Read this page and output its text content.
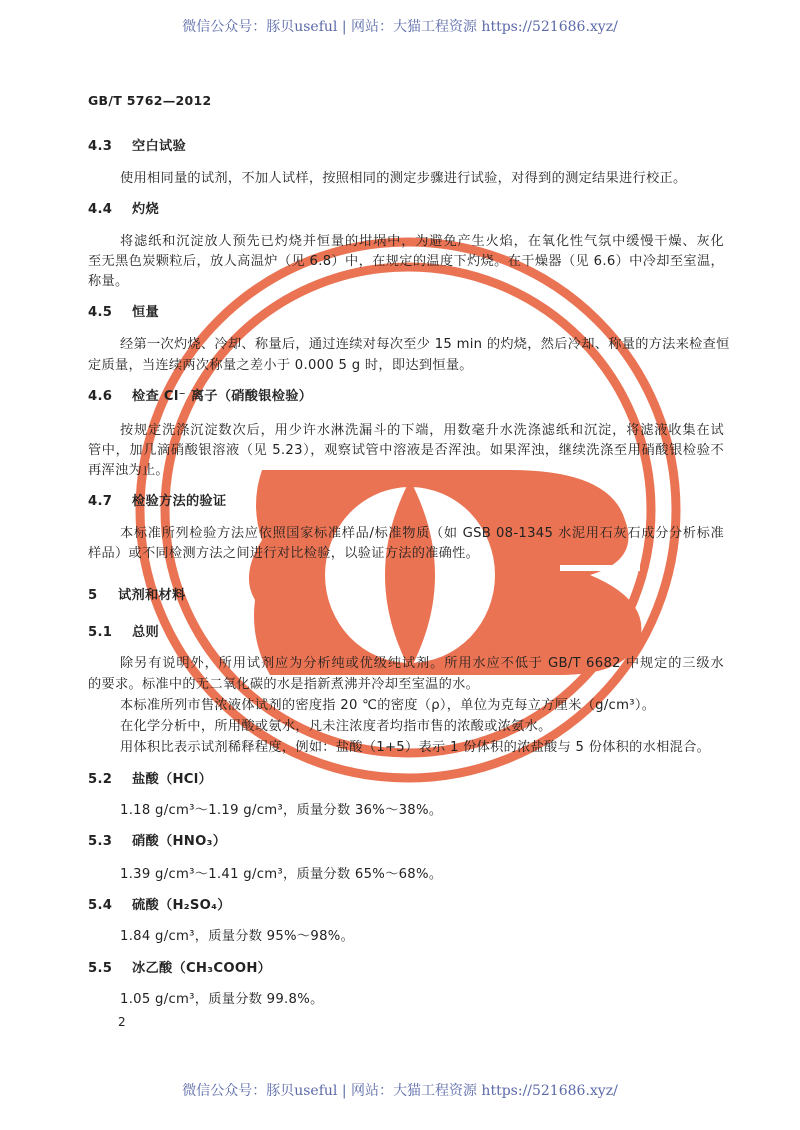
微信公众号：豚贝useful | 网站：大猫工程资源 https://521686.xyz/
GB/T 5762—2012
4.3 空白试验
使用相同量的试剂，不加人试样，按照相同的测定步骤进行试验，对得到的测定结果进行校正。
4.4 灼烧
将滤纸和沉淀放人预先已灼烧并恒量的坩埚中，为避免产生火焰，在氧化性气氛中缓慢干燥、灰化
至无黑色炭颗粒后，放人高温炉（见 6.8）中，在规定的温度下灼烧。在干燥器（见 6.6）中冷却至室温，
称量。
4.5 恒量
经第一次灼烧、冷却、称量后，通过连续对每次至少 15 min 的灼烧，然后冷却、称量的方法来检查恒
定质量，当连续两次称量之差小于 0.000 5 g 时，即达到恒量。
4.6 检查 Cl⁻ 离子（硝酸银检验）
按规定洗涤沉淀数次后，用少许水淋洗漏斗的下端，用数毫升水洗涤滤纸和沉淀，将滤液收集在试
管中，加几滴硝酸银溶液（见 5.23），观察试管中溶液是否浑浊。如果浑浊，继续洗涤至用硝酸银检验不
再浑浊为止。
4.7 检验方法的验证
本标准所列检验方法应依照国家标准样品/标准物质（如 GSB 08-1345 水泥用石灰石成分分析标准
样品）或不同检测方法之间进行对比检验，以验证方法的准确性。
5 试剂和材料
5.1 总则
除另有说明外，所用试剂应为分析纯或优级纯试剂。所用水应不低于 GB/T 6682 中规定的三级水
的要求。标准中的无二氧化碳的水是指新煮沸并冷却至室温的水。
本标准所列市售浓液体试剂的密度指 20 ℃的密度（ρ），单位为克每立方厘米（g/cm³）。
在化学分析中，所用酸或氨水，凡未注浓度者均指市售的浓酸或浓氨水。
用体积比表示试剂稀释程度，例如：盐酸（1+5）表示 1 份体积的浓盐酸与 5 份体积的水相混合。
5.2 盐酸（HCl）
1.18 g/cm³～1.19 g/cm³，质量分数 36%～38%。
5.3 硝酸（HNO₃）
1.39 g/cm³～1.41 g/cm³，质量分数 65%～68%。
5.4 硫酸（H₂SO₄）
1.84 g/cm³，质量分数 95%～98%。
5.5 冰乙酸（CH₃COOH）
1.05 g/cm³，质量分数 99.8%。
2
微信公众号：豚贝useful | 网站：大猫工程资源 https://521686.xyz/
